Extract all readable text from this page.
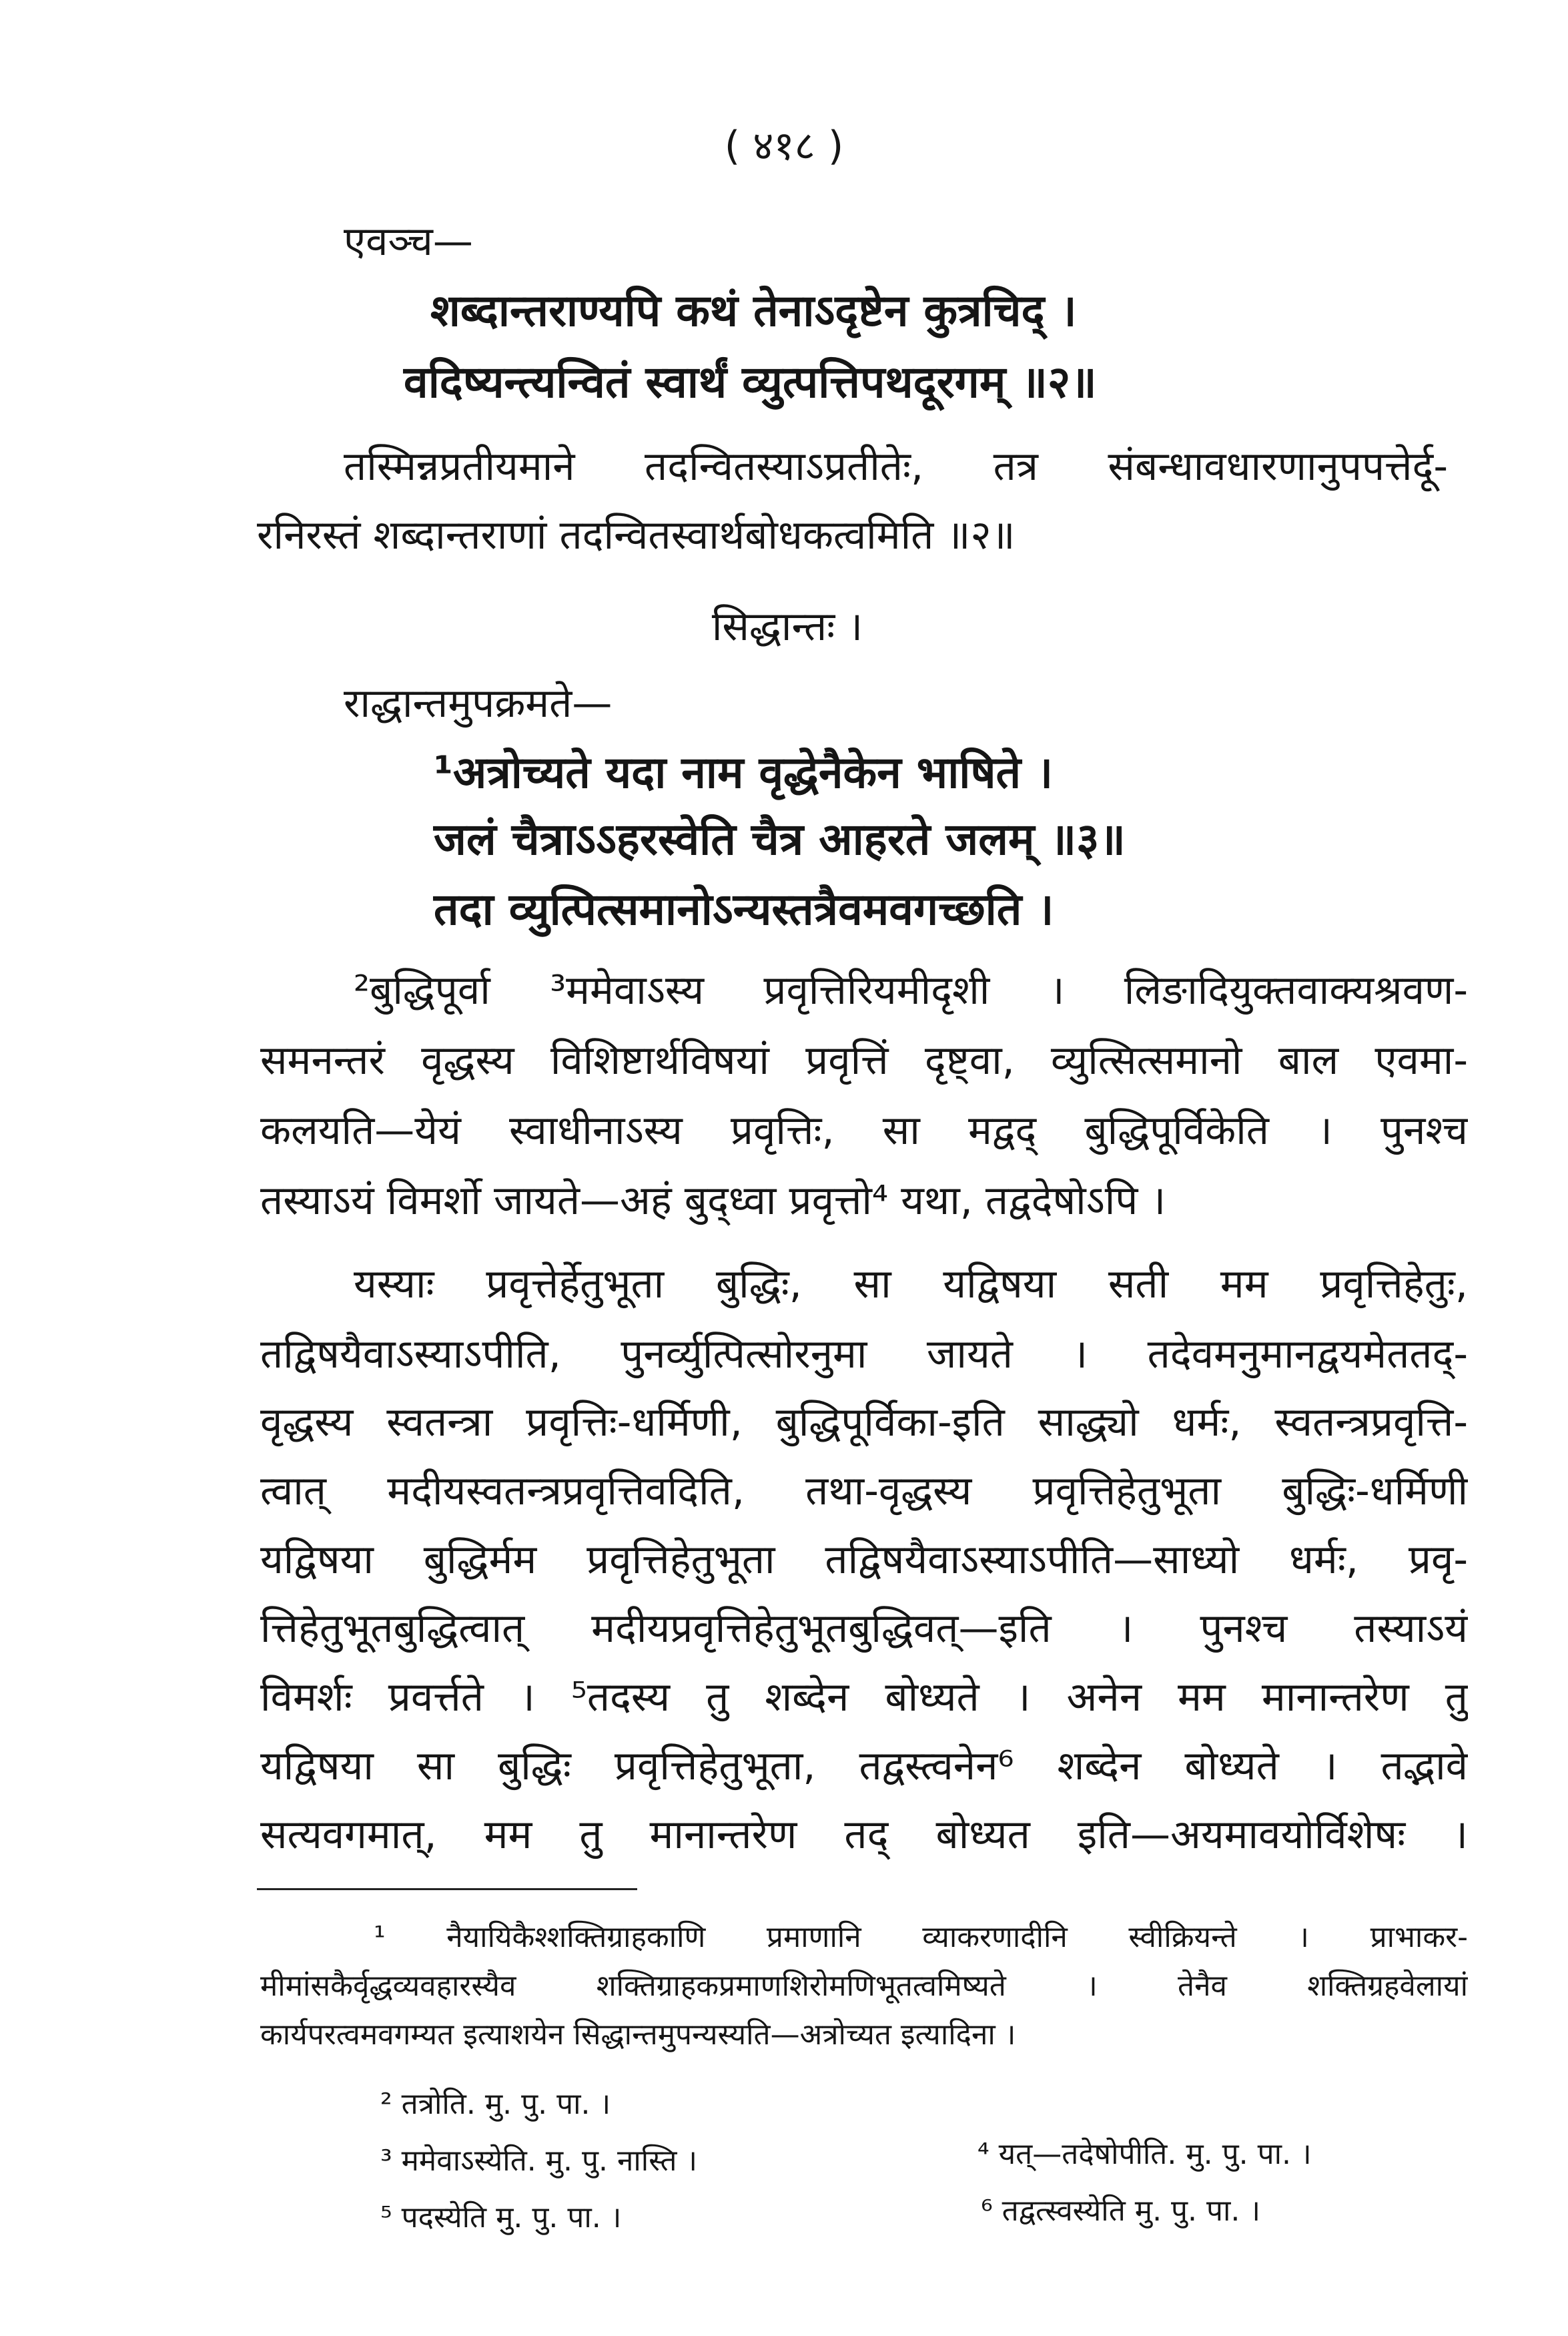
( ४१८ )
एवञ्च—
शब्दान्तराण्यपि कथं तेनाऽदृष्टेन कुत्रचिद् ।
वदिष्यन्त्यन्वितं स्वार्थं व्युत्पत्तिपथदूरगम् ॥२॥
तस्मिन्नप्रतीयमाने तदन्वितस्याऽप्रतीतेः, तत्र संबन्धावधारणानुपपत्तेर्दू-
रनिरस्तं शब्दान्तराणां तदन्वितस्वार्थबोधकत्वमिति ॥२॥
सिद्धान्तः ।
राद्धान्तमुपक्रमते—
¹अत्रोच्यते यदा नाम वृद्धेनैकेन भाषिते ।
जलं चैत्राऽऽहरस्वेति चैत्र आहरते जलम् ॥३॥
तदा व्युत्पित्समानोऽन्यस्तत्रैवमवगच्छति ।
²बुद्धिपूर्वा ³ममेवाऽस्य प्रवृत्तिरियमीदृशी । लिङादियुक्तवाक्यश्रवण-
समनन्तरं वृद्धस्य विशिष्टार्थविषयां प्रवृत्तिं दृष्ट्वा, व्युत्सित्समानो बाल एवमा-
कलयति—येयं स्वाधीनाऽस्य प्रवृत्तिः, सा मद्वद् बुद्धिपूर्विकेति । पुनश्च
तस्याऽयं विमर्शो जायते—अहं बुद्ध्वा प्रवृत्तो⁴ यथा, तद्वदेषोऽपि ।
यस्याः प्रवृत्तेर्हेतुभूता बुद्धिः, सा यद्विषया सती मम प्रवृत्तिहेतुः,
तद्विषयैवाऽस्याऽपीति, पुनर्व्युत्पित्सोरनुमा जायते । तदेवमनुमानद्वयमेततद्-
वृद्धस्य स्वतन्त्रा प्रवृत्तिः-धर्मिणी, बुद्धिपूर्विका-इति साद्ध्यो धर्मः, स्वतन्त्रप्रवृत्ति-
त्वात् मदीयस्वतन्त्रप्रवृत्तिवदिति, तथा-वृद्धस्य प्रवृत्तिहेतुभूता बुद्धिः-धर्मिणी
यद्विषया बुद्धिर्मम प्रवृत्तिहेतुभूता तद्विषयैवाऽस्याऽपीति—साध्यो धर्मः, प्रवृ-
त्तिहेतुभूतबुद्धित्वात् मदीयप्रवृत्तिहेतुभूतबुद्धिवत्—इति । पुनश्च तस्याऽयं
विमर्शः प्रवर्त्तते । ⁵तदस्य तु शब्देन बोध्यते । अनेन मम मानान्तरेण तु
यद्विषया सा बुद्धिः प्रवृत्तिहेतुभूता, तद्वस्त्वनेन⁶ शब्देन बोध्यते । तद्भावे
सत्यवगमात्, मम तु मानान्तरेण तद् बोध्यत इति—अयमावयोर्विशेषः ।
¹ नैयायिकैश्शक्तिग्राहकाणि प्रमाणानि व्याकरणादीनि स्वीक्रियन्ते । प्राभाकर-
मीमांसकैर्वृद्धव्यवहारस्यैव शक्तिग्राहकप्रमाणशिरोमणिभूतत्वमिष्यते । तेनैव शक्तिग्रहवेलायां
कार्यपरत्वमवगम्यत इत्याशयेन सिद्धान्तमुपन्यस्यति—अत्रोच्यत इत्यादिना ।
² तत्रोति. मु. पु. पा. ।
³ ममेवाऽस्येति. मु. पु. नास्ति ।	⁴ यत्—तदेषोपीति. मु. पु. पा. ।
⁵ पदस्येति मु. पु. पा. ।	⁶ तद्वत्स्वस्येति मु. पु. पा. ।
